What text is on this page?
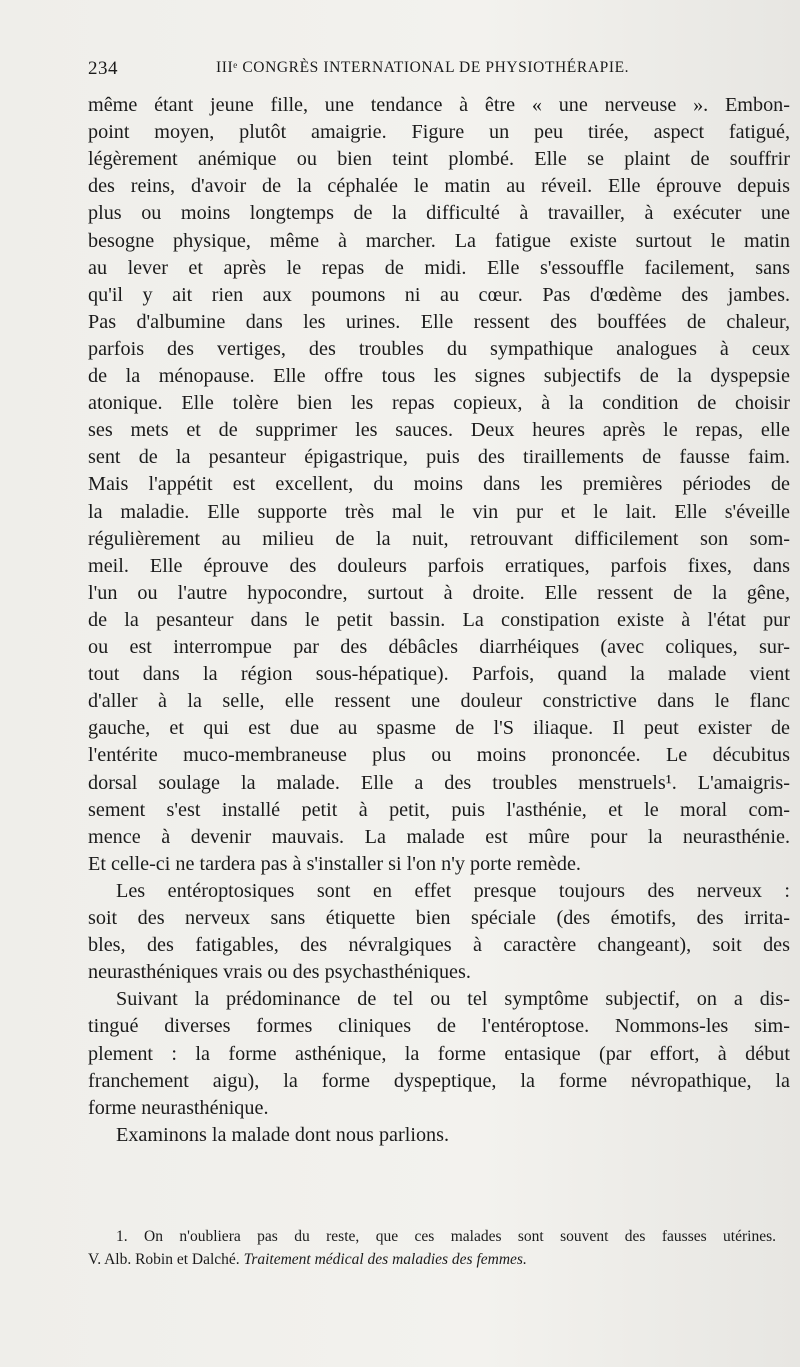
234	IIIᵉ CONGRÈS INTERNATIONAL DE PHYSIOTHÉRAPIE.
même étant jeune fille, une tendance à être « une nerveuse ». Embon-
point moyen, plutôt amaigrie. Figure un peu tirée, aspect fatigué,
légèrement anémique ou bien teint plombé. Elle se plaint de souffrir
des reins, d'avoir de la céphalée le matin au réveil. Elle éprouve depuis
plus ou moins longtemps de la difficulté à travailler, à exécuter une
besogne physique, même à marcher. La fatigue existe surtout le matin
au lever et après le repas de midi. Elle s'essouffle facilement, sans
qu'il y ait rien aux poumons ni au cœur. Pas d'œdème des jambes.
Pas d'albumine dans les urines. Elle ressent des bouffées de chaleur,
parfois des vertiges, des troubles du sympathique analogues à ceux
de la ménopause. Elle offre tous les signes subjectifs de la dyspepsie
atonique. Elle tolère bien les repas copieux, à la condition de choisir
ses mets et de supprimer les sauces. Deux heures après le repas, elle
sent de la pesanteur épigastrique, puis des tiraillements de fausse faim.
Mais l'appétit est excellent, du moins dans les premières périodes de
la maladie. Elle supporte très mal le vin pur et le lait. Elle s'éveille
régulièrement au milieu de la nuit, retrouvant difficilement son som-
meil. Elle éprouve des douleurs parfois erratiques, parfois fixes, dans
l'un ou l'autre hypocondre, surtout à droite. Elle ressent de la gêne,
de la pesanteur dans le petit bassin. La constipation existe à l'état pur
ou est interrompue par des débâcles diarrhéiques (avec coliques, sur-
tout dans la région sous-hépatique). Parfois, quand la malade vient
d'aller à la selle, elle ressent une douleur constrictive dans le flanc
gauche, et qui est due au spasme de l'S iliaque. Il peut exister de
l'entérite muco-membraneuse plus ou moins prononcée. Le décubitus
dorsal soulage la malade. Elle a des troubles menstruels¹. L'amaigris-
sement s'est installé petit à petit, puis l'asthénie, et le moral com-
mence à devenir mauvais. La malade est mûre pour la neurasthénie.
Et celle-ci ne tardera pas à s'installer si l'on n'y porte remède.
Les entéroptosiques sont en effet presque toujours des nerveux :
soit des nerveux sans étiquette bien spéciale (des émotifs, des irrita-
bles, des fatigables, des névralgiques à caractère changeant), soit des
neurasthéniques vrais ou des psychasthéniques.
Suivant la prédominance de tel ou tel symptôme subjectif, on a dis-
tingué diverses formes cliniques de l'entéroptose. Nommons-les sim-
plement : la forme asthénique, la forme entasique (par effort, à début
franchement aigu), la forme dyspeptique, la forme névropathique, la
forme neurasthénique.
Examinons la malade dont nous parlions.
1. On n'oubliera pas du reste, que ces malades sont souvent des fausses utérines.
V. Alb. Robin et Dalché. Traitement médical des maladies des femmes.
